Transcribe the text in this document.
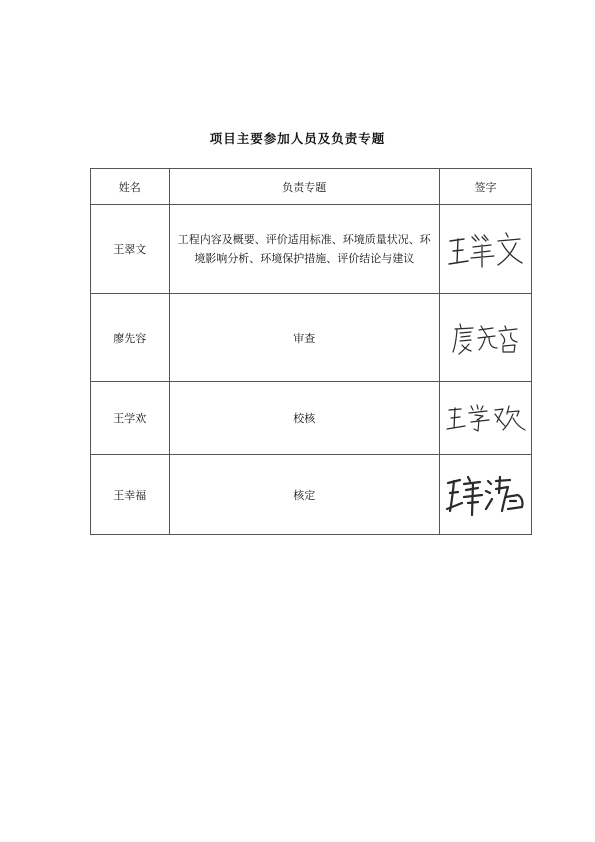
项目主要参加人员及负责专题
姓名	负责专题	签字
王翠文	工程内容及概要、评价适用标准、环境质量状况、环境影响分析、环境保护措施、评价结论与建议	

廖先容	审查	

王学欢	校核	

王幸福	核定	
